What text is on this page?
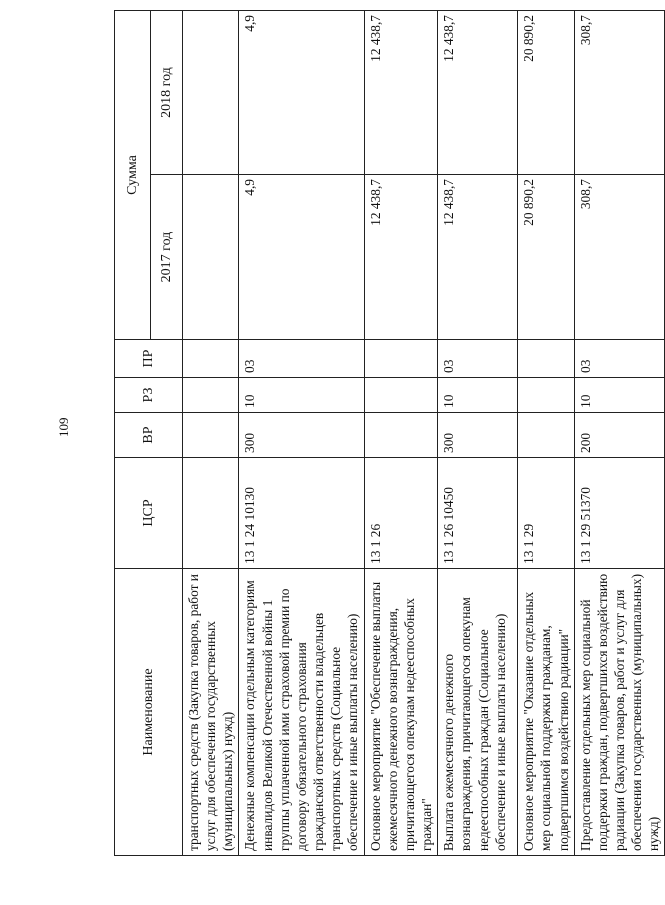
109
Наименование	ЦСР	ВР	РЗ	ПР	Сумма	
					2017 год	2018 год
транспортных средств (Закупка товаров, работ и услуг для обеспечения государственных (муниципальных) нужд)						
Денежные компенсации отдельным категориям инвалидов Великой Отечественной войны 1 группы уплаченной ими страховой премии по договору обязательного страхования гражданской ответственности владельцев транспортных средств (Социальное обеспечение и иные выплаты населению)	13 1 24 10130	300	10	03	4,9	4,9
Основное мероприятие "Обеспечение выплаты ежемесячного денежного вознаграждения, причитающегося опекунам недееспособных граждан"	13 1 26				12 438,7	12 438,7
Выплата ежемесячного денежного вознаграждения, причитающегося опекунам недееспособных граждан (Социальное обеспечение и иные выплаты населению)	13 1 26 10450	300	10	03	12 438,7	12 438,7
Основное мероприятие "Оказание отдельных мер социальной поддержки гражданам, подвергшимся воздействию радиации"	13 1 29				20 890,2	20 890,2
Предоставление отдельных мер социальной поддержки граждан, подвергшихся воздействию радиации (Закупка товаров, работ и услуг для обеспечения государственных (муниципальных) нужд)	13 1 29 51370	200	10	03	308,7	308,7
